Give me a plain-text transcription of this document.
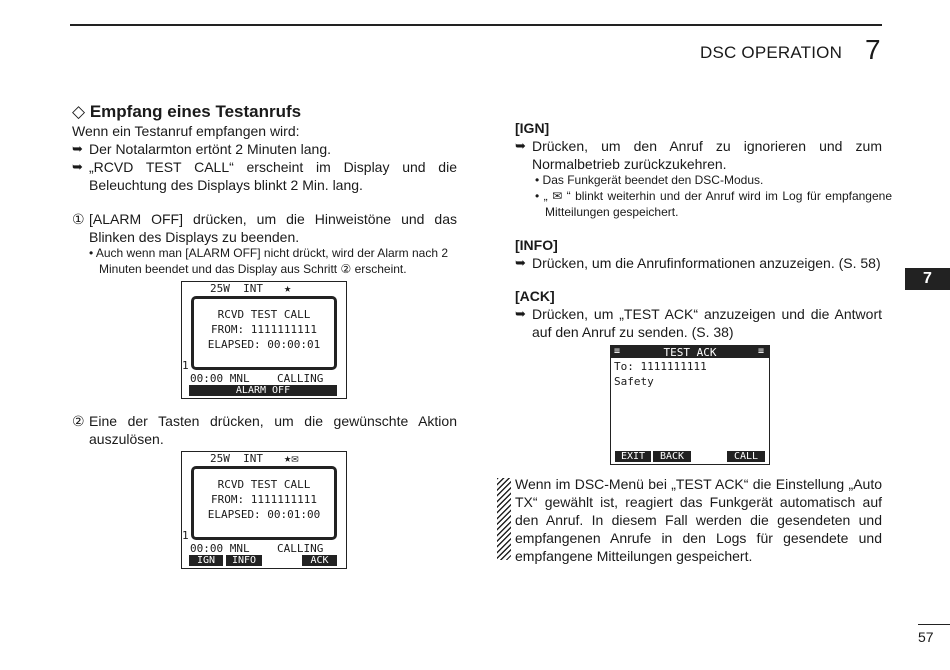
DSC OPERATION 7
7
57
◇ Empfang eines Testanrufs
Wenn ein Testanruf empfangen wird:
➥ Der Notalarmton ertönt 2 Minuten lang.
➥ „RCVD TEST CALL“ erscheint im Display und die Beleuchtung des Displays blinkt 2 Min. lang.
① [ALARM OFF] drücken, um die Hinweistöne und das Blinken des Displays zu beenden.
• Auch wenn man [ALARM OFF] nicht drückt, wird der Alarm nach 2 Minuten beendet und das Display aus Schritt ② erscheint.
25W  INT ★
RCVD TEST CALL
FROM: 1111111111
ELAPSED: 00:00:01
1
00:00 MNL CALLING
ALARM OFF
② Eine der Tasten drücken, um die gewünschte Aktion auszulösen.
25W  INT ★✉
RCVD TEST CALL
FROM: 1111111111
ELAPSED: 00:01:00
1
00:00 MNL CALLING
IGN	INFO	ACK
[IGN]
➥ Drücken, um den Anruf zu ignorieren und zum Normalbetrieb zurückzukehren.
• Das Funkgerät beendet den DSC-Modus.
• „ ✉ “ blinkt weiterhin und der Anruf wird im Log für empfangene Mitteilungen gespeichert.
[INFO]
➥ Drücken, um die Anrufinformationen anzuzeigen. (S. 58)
[ACK]
➥ Drücken, um „TEST ACK“ anzuzeigen und die Antwort auf den Anruf zu senden. (S. 38)
≡	≡
TEST ACK
To: 1111111111
Safety
EXIT	BACK	CALL
Wenn im DSC-Menü bei „TEST ACK“ die Einstellung „Auto TX“ gewählt ist, reagiert das Funkgerät automatisch auf den Anruf. In diesem Fall werden die gesendeten und empfangenen Anrufe in den Logs für gesendete und empfangene Mitteilungen gespeichert.
